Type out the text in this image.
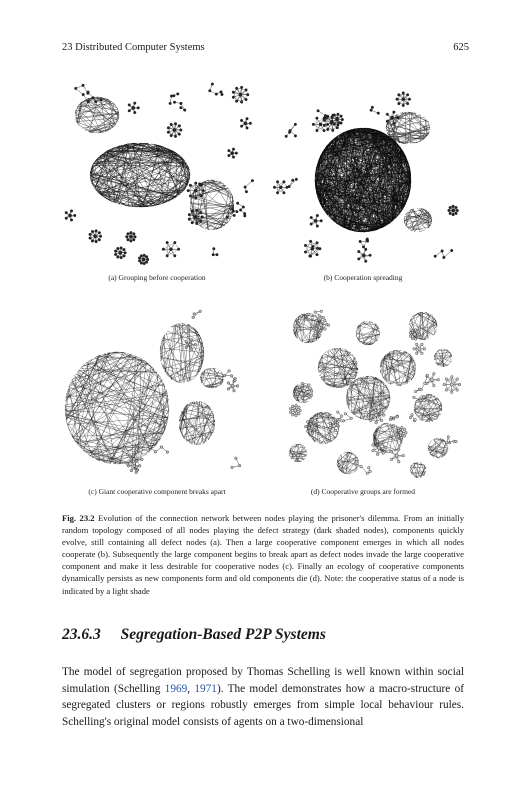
23 Distributed Computer Systems	625
(a) Grouping before cooperation	(b) Cooperation spreading
(c) Giant cooperative component breaks apart	(d) Cooperative groups are formed
Fig. 23.2 Evolution of the connection network between nodes playing the prisoner's dilemma. From an initially random topology composed of all nodes playing the defect strategy (dark shaded nodes), components quickly evolve, still containing all defect nodes (a). Then a large cooperative component emerges in which all nodes cooperate (b). Subsequently the large component begins to break apart as defect nodes invade the large cooperative component and make it less desirable for cooperative nodes (c). Finally an ecology of cooperative components dynamically persists as new components form and old components die (d). Note: the cooperative status of a node is indicated by a light shade
23.6.3 Segregation-Based P2P Systems
The model of segregation proposed by Thomas Schelling is well known within social simulation (Schelling 1969, 1971). The model demonstrates how a macro-structure of segregated clusters or regions robustly emerges from simple local behaviour rules. Schelling's original model consists of agents on a two-dimensional
